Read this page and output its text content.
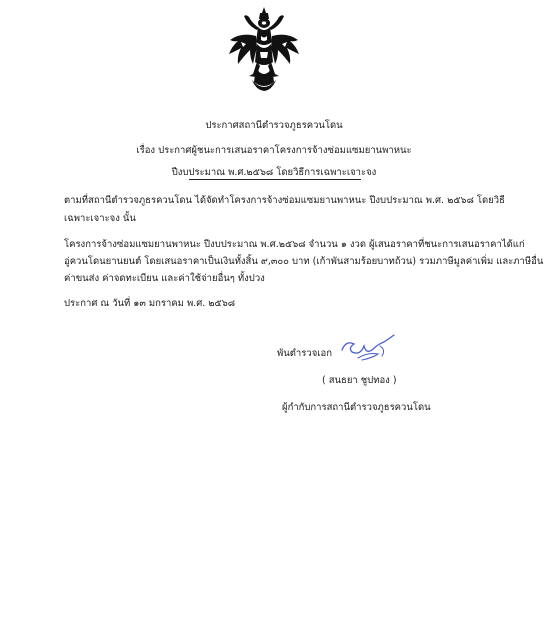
ประกาศสถานีตำรวจภูธรควนโดน
เรื่อง ประกาศผู้ชนะการเสนอราคาโครงการจ้างซ่อมแซมยานพาหนะ
ปีงบประมาณ พ.ศ.๒๕๖๘ โดยวิธีการเฉพาะเจาะจง
ตามที่สถานีตำรวจภูธรควนโดน ได้จัดทำโครงการจ้างซ่อมแซมยานพาหนะ ปีงบประมาณ พ.ศ. ๒๕๖๘ โดยวิธี
เฉพาะเจาะจง นั้น
โครงการจ้างซ่อมแซมยานพาหนะ ปีงบประมาณ พ.ศ.๒๕๖๘ จำนวน ๑ งวด ผู้เสนอราคาที่ชนะการเสนอราคาได้แก่
อู่ควนโดนยานยนต์ โดยเสนอราคาเป็นเงินทั้งสิ้น ๙,๓๐๐ บาท (เก้าพันสามร้อยบาทถ้วน) รวมภาษีมูลค่าเพิ่ม และภาษีอื่น
ค่าขนส่ง ค่าจดทะเบียน และค่าใช้จ่ายอื่นๆ ทั้งปวง
ประกาศ ณ วันที่ ๑๓ มกราคม พ.ศ. ๒๕๖๘
พันตำรวจเอก
( สนธยา ชูปทอง )
ผู้กำกับการสถานีตำรวจภูธรควนโดน
